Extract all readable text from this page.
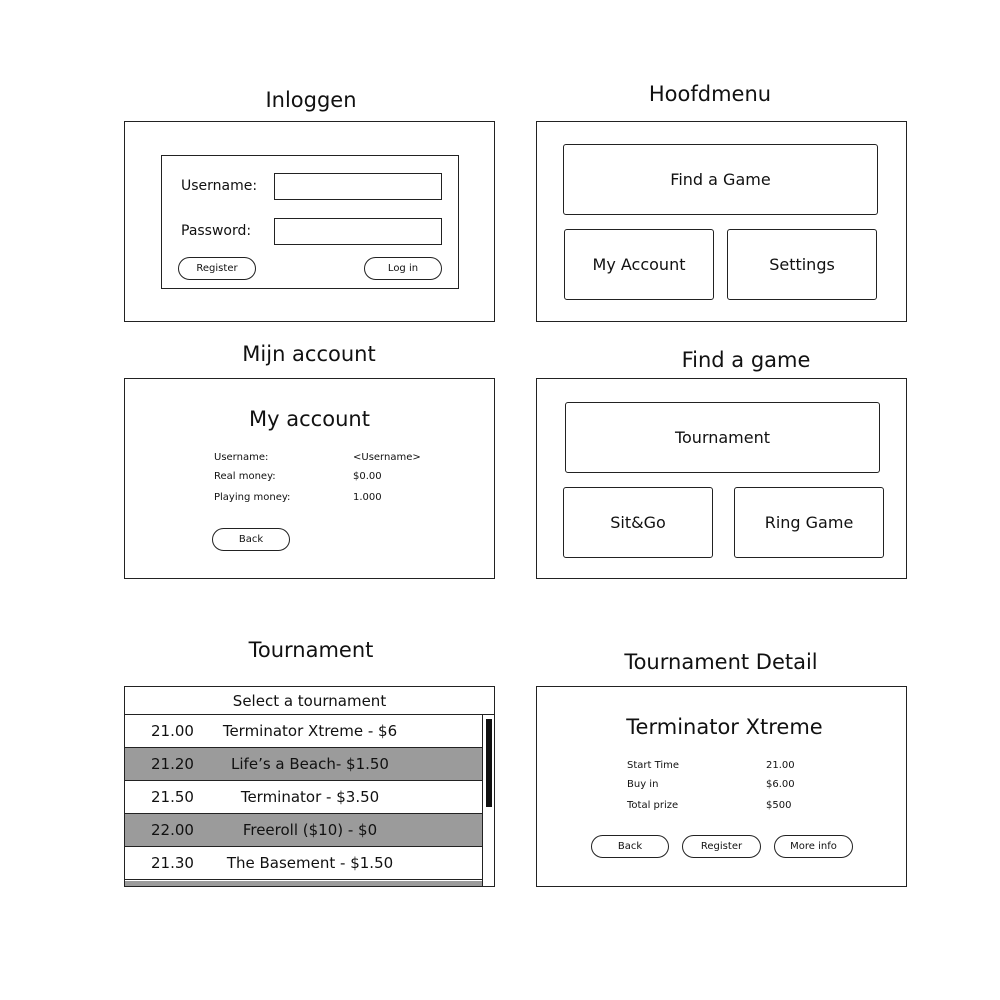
Inloggen
Username:
Password:
Register	Log in
Hoofdmenu
Find a Game
My Account	Settings
Mijn account
My account
Username:	<Username>
Real money:	$0.00
Playing money:	1.000
Back
Find a game
Tournament
Sit&Go	Ring Game
Tournament
Select a tournament
21.00	Terminator Xtreme - $6
21.20	Life’s a Beach- $1.50
21.50	Terminator - $3.50
22.00	Freeroll ($10) - $0
21.30	The Basement - $1.50
Tournament Detail
Terminator Xtreme
Start Time	21.00
Buy in	$6.00
Total prize	$500
Back	Register	More info
